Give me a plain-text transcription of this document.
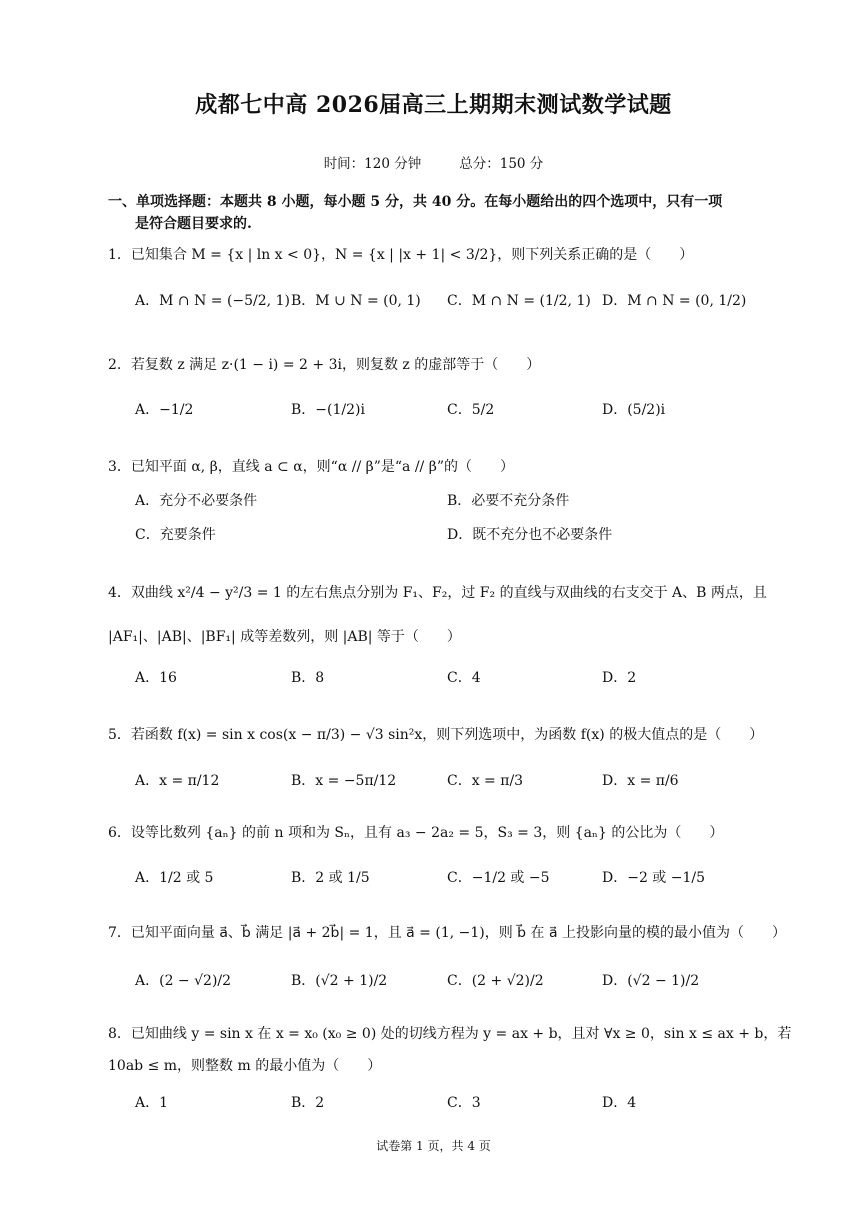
成都七中高 2026届高三上期期末测试数学试题
时间：120 分钟	总分：150 分
一、单项选择题：本题共 8 小题，每小题 5 分，共 40 分。在每小题给出的四个选项中，只有一项
是符合题目要求的.
1．已知集合 M = {x | ln x < 0}，N = {x | |x + 1| < 3/2}，则下列关系正确的是（　　）
A．M ∩ N = (−5/2, 1) B．M ∪ N = (0, 1) C．M ∩ N = (1/2, 1) D．M ∩ N = (0, 1/2)
2．若复数 z 满足 z·(1 − i) = 2 + 3i，则复数 z 的虚部等于（　　）
A．−1/2	B．−(1/2)i	C．5/2	D．(5/2)i
3．已知平面 α, β，直线 a ⊂ α，则“α // β”是“a // β”的（　　）
A．充分不必要条件	B．必要不充分条件
C．充要条件	D．既不充分也不必要条件
4．双曲线 x²/4 − y²/3 = 1 的左右焦点分别为 F₁、F₂，过 F₂ 的直线与双曲线的右支交于 A、B 两点，且
|AF₁|、|AB|、|BF₁| 成等差数列，则 |AB| 等于（　　）
A．16	B．8	C．4	D．2
5．若函数 f(x) = sin x cos(x − π/3) − √3 sin²x，则下列选项中，为函数 f(x) 的极大值点的是（　　）
A．x = π/12	B．x = −5π/12	C．x = π/3	D．x = π/6
6．设等比数列 {aₙ} 的前 n 项和为 Sₙ，且有 a₃ − 2a₂ = 5，S₃ = 3，则 {aₙ} 的公比为（　　）
A．1/2 或 5	B．2 或 1/5	C．−1/2 或 −5	D．−2 或 −1/5
7．已知平面向量 a⃗、b⃗ 满足 |a⃗ + 2b⃗| = 1，且 a⃗ = (1, −1)，则 b⃗ 在 a⃗ 上投影向量的模的最小值为（　　）
A．(2 − √2)/2	B．(√2 + 1)/2	C．(2 + √2)/2	D．(√2 − 1)/2
8．已知曲线 y = sin x 在 x = x₀ (x₀ ≥ 0) 处的切线方程为 y = ax + b，且对 ∀x ≥ 0，sin x ≤ ax + b，若
10ab ≤ m，则整数 m 的最小值为（　　）
A．1	B．2	C．3	D．4
试卷第 1 页，共 4 页
